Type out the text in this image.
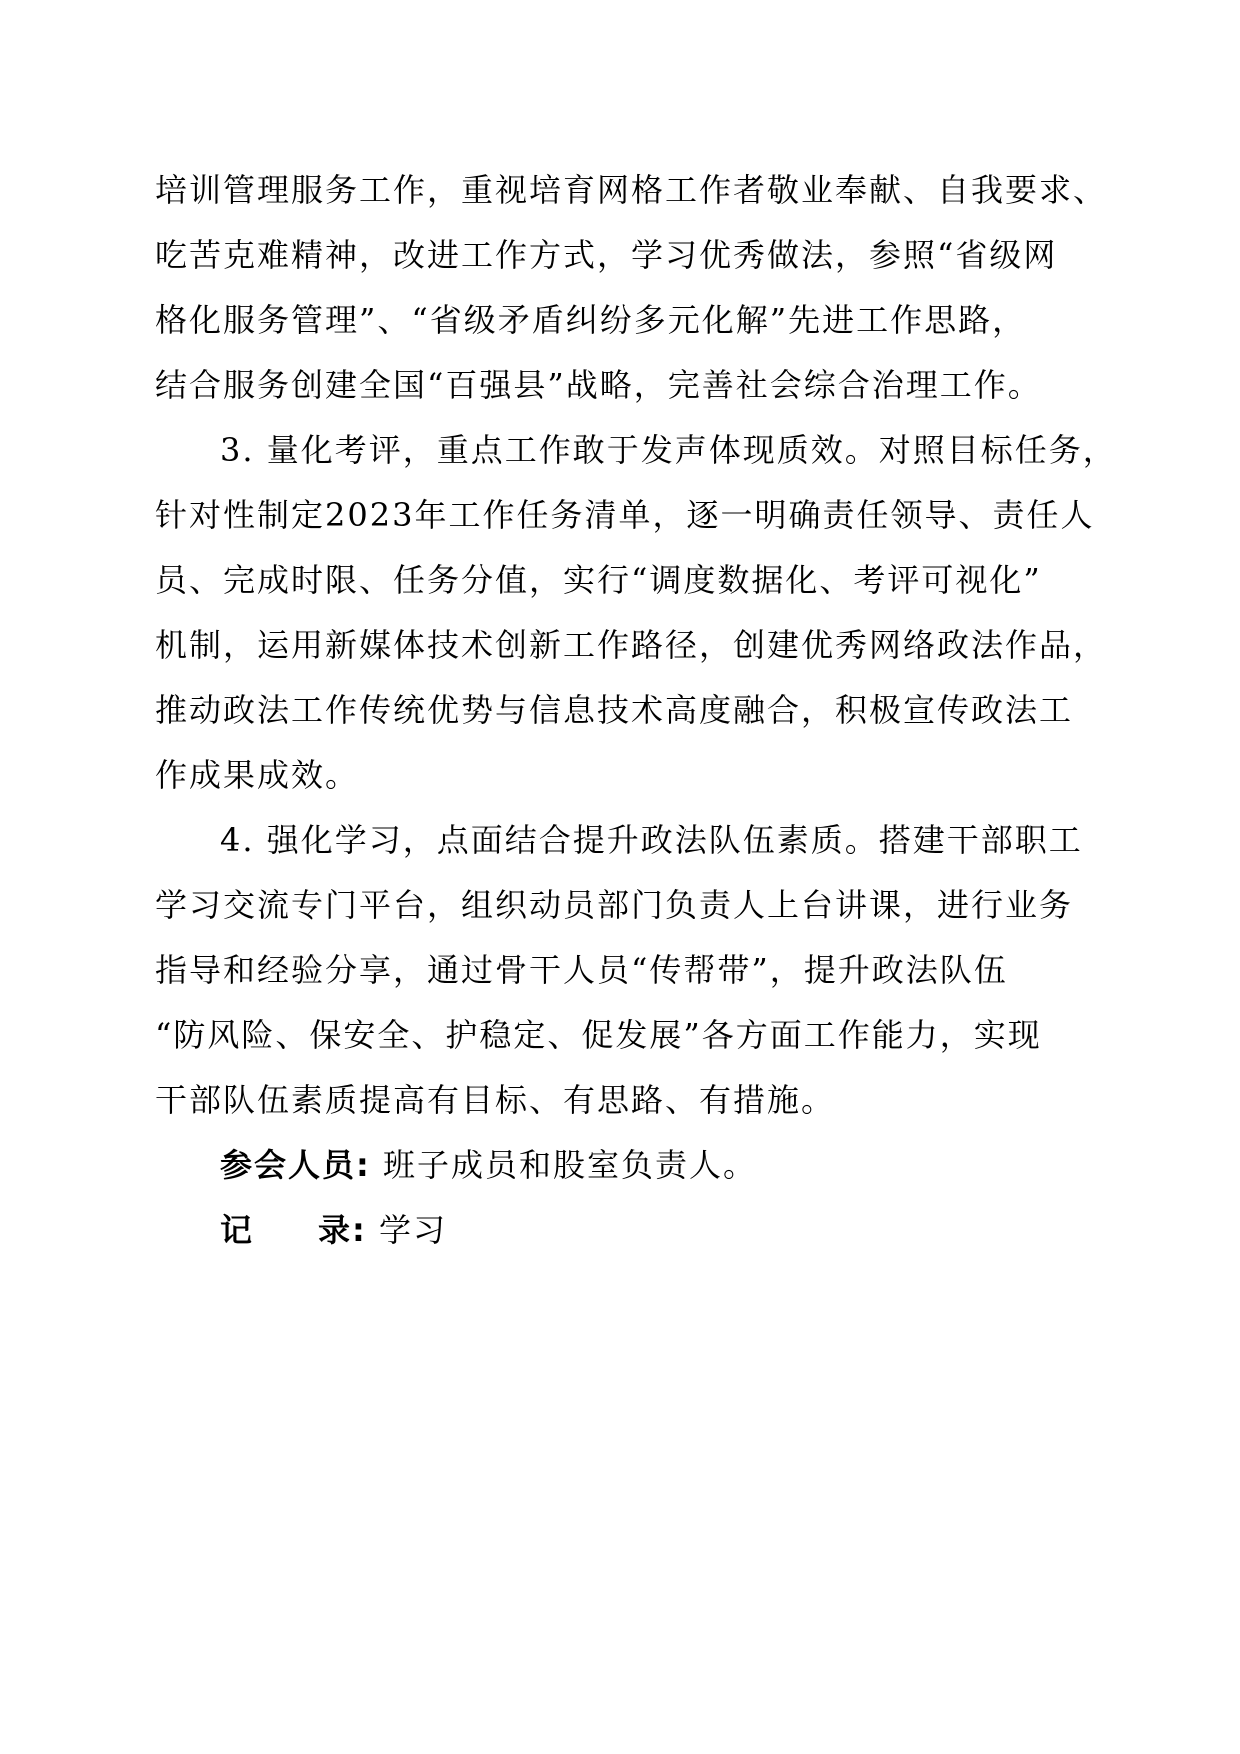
培训管理服务工作，重视培育网格工作者敬业奉献、自我要求、
吃苦克难精神，改进工作方式，学习优秀做法，参照“省级网
格化服务管理”、“省级矛盾纠纷多元化解”先进工作思路，
结合服务创建全国“百强县”战略，完善社会综合治理工作。
3. 量化考评，重点工作敢于发声体现质效。对照目标任务，
针对性制定2023年工作任务清单，逐一明确责任领导、责任人
员、完成时限、任务分值，实行“调度数据化、考评可视化”
机制，运用新媒体技术创新工作路径，创建优秀网络政法作品，
推动政法工作传统优势与信息技术高度融合，积极宣传政法工
作成果成效。
4. 强化学习，点面结合提升政法队伍素质。搭建干部职工
学习交流专门平台，组织动员部门负责人上台讲课，进行业务
指导和经验分享，通过骨干人员“传帮带”，提升政法队伍
“防风险、保安全、护稳定、促发展”各方面工作能力，实现
干部队伍素质提高有目标、有思路、有措施。
参会人员: 班子成员和股室负责人。
记 录: 学习
